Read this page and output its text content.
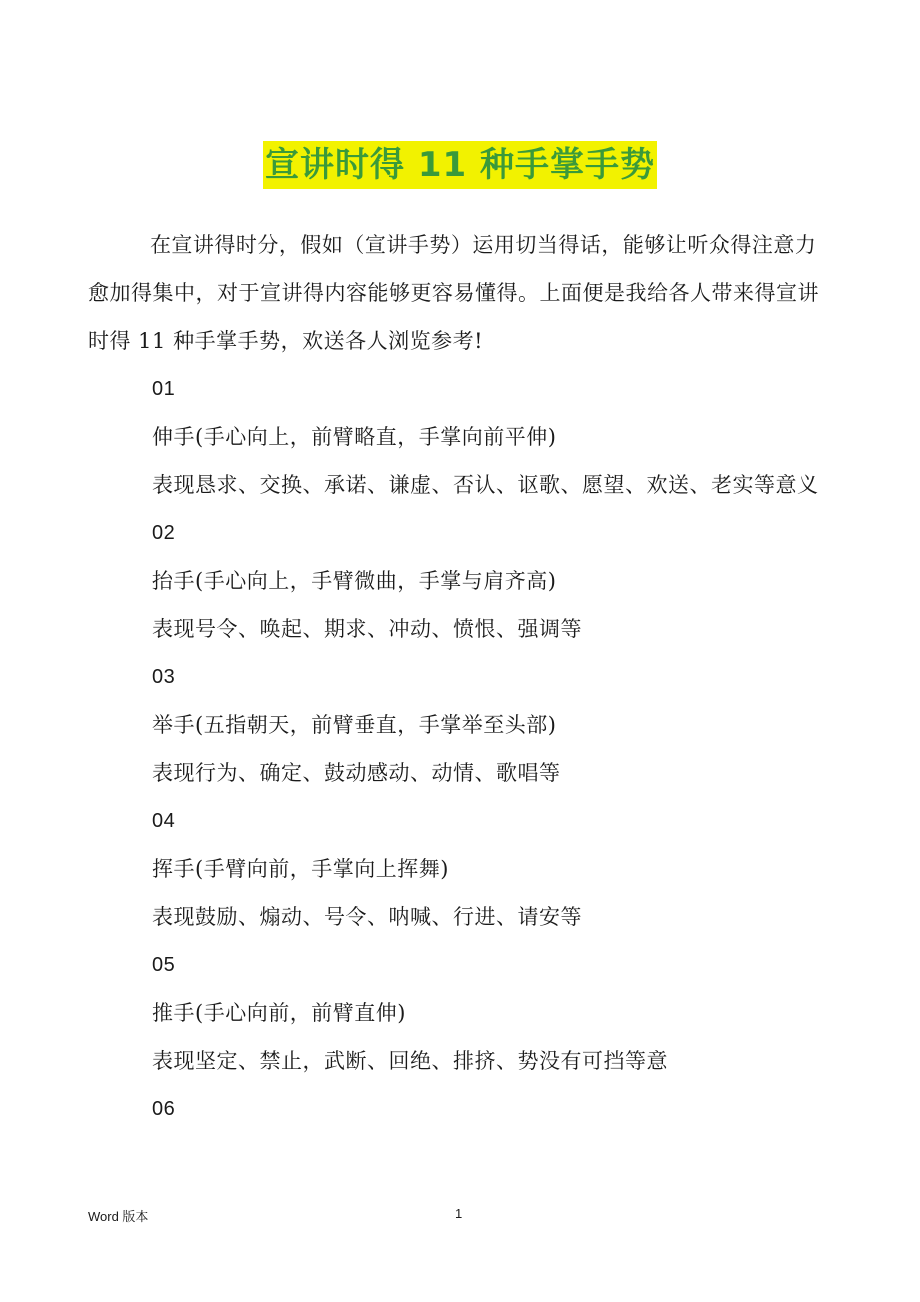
宣讲时得 11 种手掌手势

在宣讲得时分，假如（宣讲手势）运用切当得话，能够让听众得注意力愈加得集中，对于宣讲得内容能够更容易懂得。上面便是我给各人带来得宣讲时得 11 种手掌手势，欢送各人浏览参考!

01

伸手(手心向上，前臂略直，手掌向前平伸)

表现恳求、交换、承诺、谦虚、否认、讴歌、愿望、欢送、老实等意义

02

抬手(手心向上，手臂微曲，手掌与肩齐高)

表现号令、唤起、期求、冲动、愤恨、强调等

03

举手(五指朝天，前臂垂直，手掌举至头部)

表现行为、确定、鼓动感动、动情、歌唱等

04

挥手(手臂向前，手掌向上挥舞)

表现鼓励、煽动、号令、呐喊、行进、请安等

05

推手(手心向前，前臂直伸)

表现坚定、禁止，武断、回绝、排挤、势没有可挡等意

06

Word 版本	1
